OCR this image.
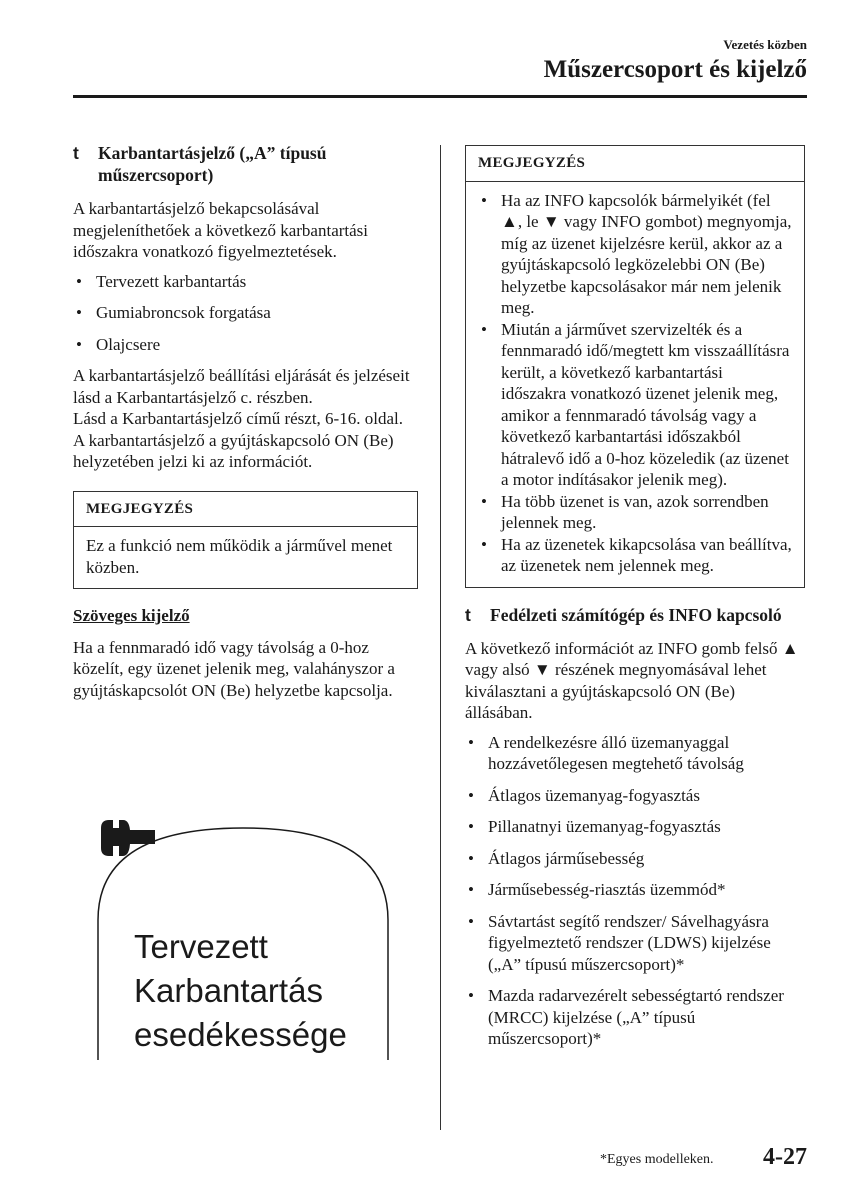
Vezetés közben
Műszercsoport és kijelző
t Karbantartásjelző („A” típusú műszercsoport)

A karbantartásjelző bekapcsolásával megjeleníthetőek a következő karbantartási időszakra vonatkozó figyelmeztetések.

• Tervezett karbantartás
• Gumiabroncsok forgatása
• Olajcsere

A karbantartásjelző beállítási eljárását és jelzéseit lásd a Karbantartásjelző c. részben.

Lásd a Karbantartásjelző című részt, 6-16. oldal.

A karbantartásjelző a gyújtáskapcsoló ON (Be) helyzetében jelzi ki az információt.

MEGJEGYZÉS
Ez a funkció nem működik a járművel menet közben.
Szöveges kijelző

Ha a fennmaradó idő vagy távolság a 0-hoz közelít, egy üzenet jelenik meg, valahányszor a gyújtáskapcsolót ON (Be) helyzetbe kapcsolja.

Tervezett
Karbantartás
esedékessége
MEGJEGYZÉS
• Ha az INFO kapcsolók bármelyikét (fel ▲, le ▼ vagy INFO gombot) megnyomja, míg az üzenet kijelzésre kerül, akkor az a gyújtáskapcsoló legközelebbi ON (Be) helyzetbe kapcsolásakor már nem jelenik meg.
• Miután a járművet szervizelték és a fennmaradó idő/megtett km visszaállításra került, a következő karbantartási időszakra vonatkozó üzenet jelenik meg, amikor a fennmaradó távolság vagy a következő karbantartási időszakból hátralevő idő a 0-hoz közeledik (az üzenet a motor indításakor jelenik meg).
• Ha több üzenet is van, azok sorrendben jelennek meg.
• Ha az üzenetek kikapcsolása van beállítva, az üzenetek nem jelennek meg.
t Fedélzeti számítógép és INFO kapcsoló

A következő információt az INFO gomb felső ▲ vagy alsó ▼ részének megnyomásával lehet kiválasztani a gyújtáskapcsoló ON (Be) állásában.

• A rendelkezésre álló üzemanyaggal hozzávetőlegesen megtehető távolság
• Átlagos üzemanyag-fogyasztás
• Pillanatnyi üzemanyag-fogyasztás
• Átlagos járműsebesség
• Járműsebesség-riasztás üzemmód*
• Sávtartást segítő rendszer/ Sávelhagyásra figyelmeztető rendszer (LDWS) kijelzése („A” típusú műszercsoport)*
• Mazda radarvezérelt sebességtartó rendszer (MRCC) kijelzése („A” típusú műszercsoport)*
*Egyes modelleken. 4-27
